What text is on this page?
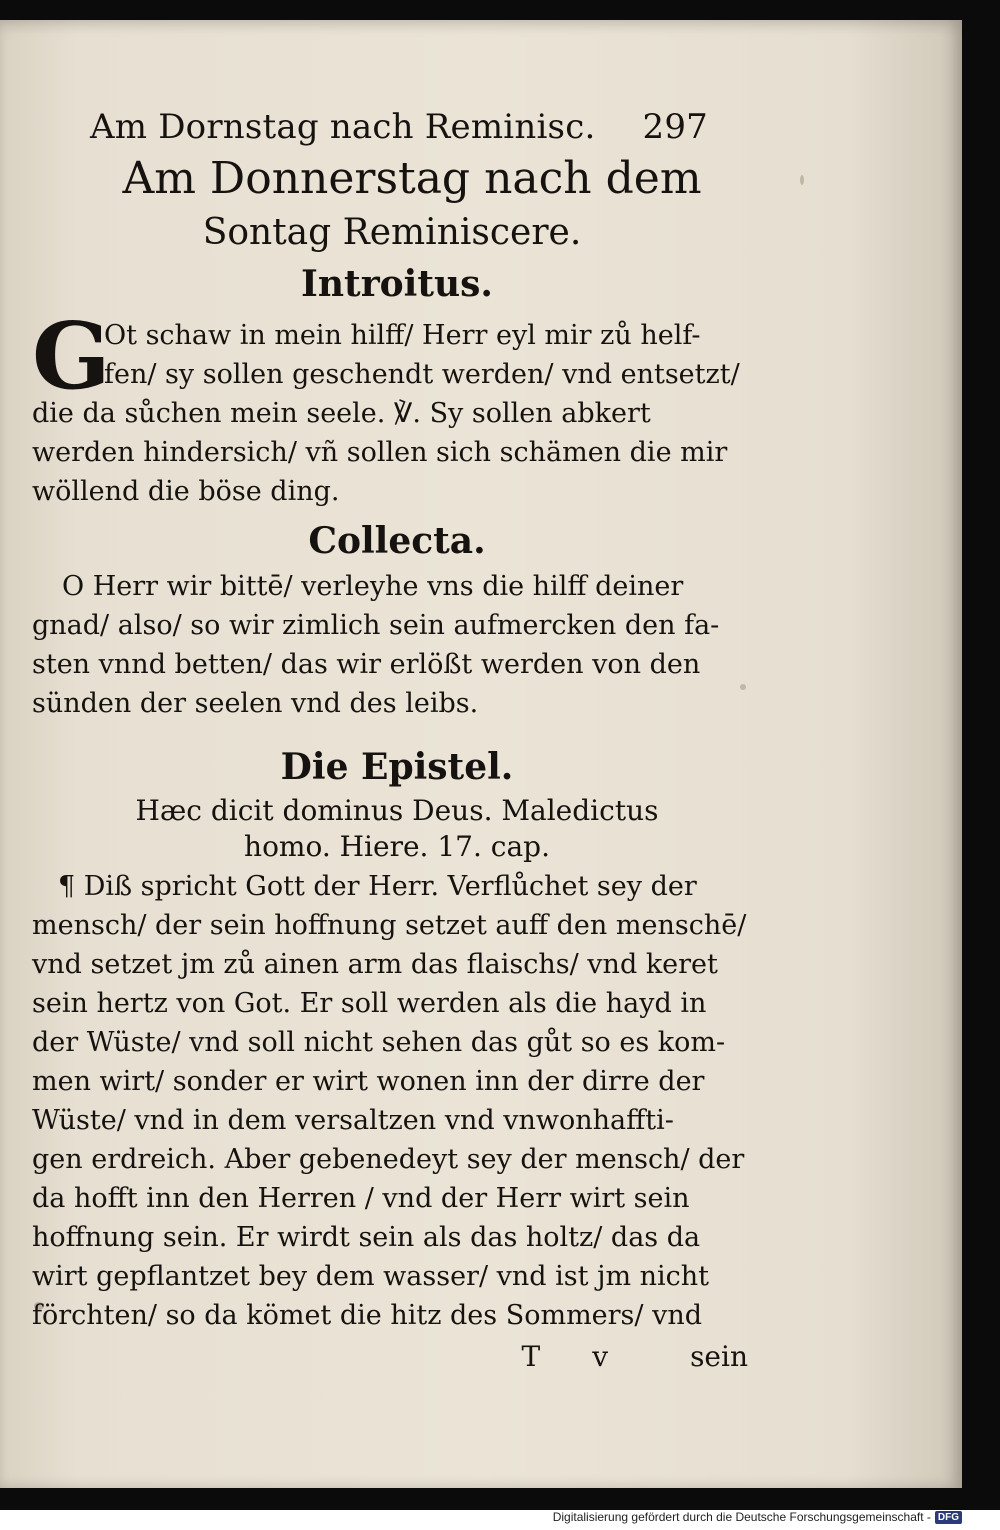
Am Dornstag nach Reminisc. 297
Am Donnerstag nach dem
Sontag Reminiscere.
Introitus.
G
Ot schaw in mein hilff/ Herr eyl mir zů helf-
fen/ sy sollen geschendt werden/ vnd entsetzt/
die da sůchen mein seele. ℣. Sy sollen abkert
werden hindersich/ vñ sollen sich schämen die mir
wöllend die böse ding.
Collecta.
O Herr wir bittē/ verleyhe vns die hilff deiner
gnad/ also/ so wir zimlich sein aufmercken den fa-
sten vnnd betten/ das wir erlößt werden von den
sünden der seelen vnd des leibs.
Die Epistel.
Hæc dicit dominus Deus. Maledictus
homo. Hiere. 17. cap.
¶ Diß spricht Gott der Herr. Verflůchet sey der
mensch/ der sein hoffnung setzet auff den menschē/
vnd setzet jm zů ainen arm das flaischs/ vnd keret
sein hertz von Got. Er soll werden als die hayd in
der Wüste/ vnd soll nicht sehen das gůt so es kom-
men wirt/ sonder er wirt wonen inn der dirre der
Wüste/ vnd in dem versaltzen vnd vnwonhaffti-
gen erdreich. Aber gebenedeyt sey der mensch/ der
da hofft inn den Herren / vnd der Herr wirt sein
hoffnung sein. Er wirdt sein als das holtz/ das da
wirt gepflantzet bey dem wasser/ vnd ist jm nicht
förchten/ so da kömet die hitz des Sommers/ vnd
T v	sein
Digitalisierung gefördert durch die Deutsche Forschungsgemeinschaft - DFG
